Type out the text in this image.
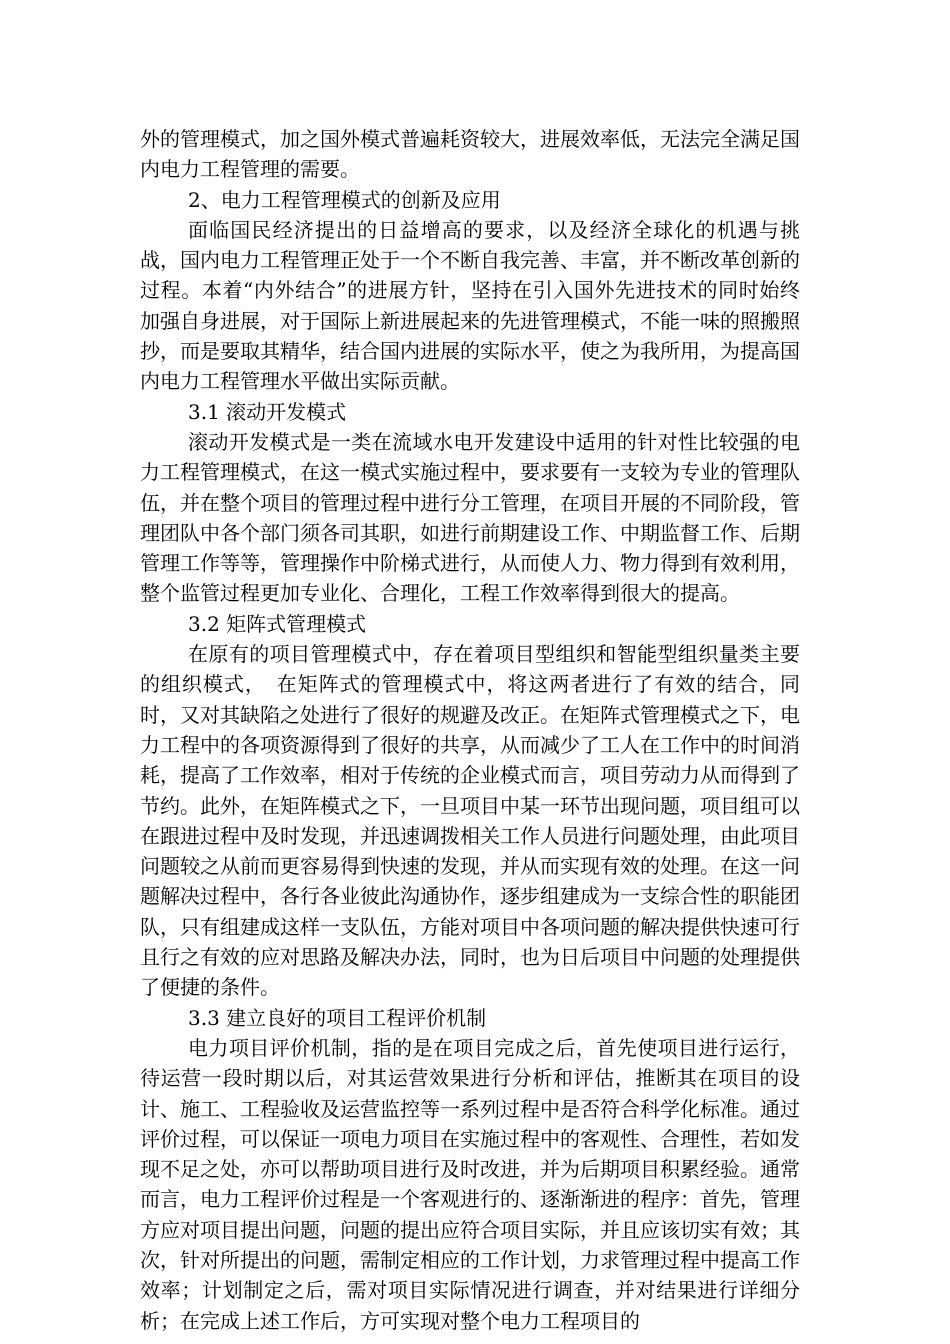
外的管理模式，加之国外模式普遍耗资较大，进展效率低，无法完全满足国内电力工程管理的需要。

2、电力工程管理模式的创新及应用

面临国民经济提出的日益增高的要求，以及经济全球化的机遇与挑战，国内电力工程管理正处于一个不断自我完善、丰富，并不断改革创新的过程。本着“内外结合”的进展方针，坚持在引入国外先进技术的同时始终加强自身进展，对于国际上新进展起来的先进管理模式，不能一味的照搬照抄，而是要取其精华，结合国内进展的实际水平，使之为我所用，为提高国内电力工程管理水平做出实际贡献。

3.1 滚动开发模式

滚动开发模式是一类在流域水电开发建设中适用的针对性比较强的电力工程管理模式，在这一模式实施过程中，要求要有一支较为专业的管理队伍，并在整个项目的管理过程中进行分工管理，在项目开展的不同阶段，管理团队中各个部门须各司其职，如进行前期建设工作、中期监督工作、后期管理工作等等，管理操作中阶梯式进行，从而使人力、物力得到有效利用，整个监管过程更加专业化、合理化，工程工作效率得到很大的提高。

3.2 矩阵式管理模式

在原有的项目管理模式中，存在着项目型组织和智能型组织量类主要的组织模式，　在矩阵式的管理模式中，将这两者进行了有效的结合，同时，又对其缺陷之处进行了很好的规避及改正。在矩阵式管理模式之下，电力工程中的各项资源得到了很好的共享，从而减少了工人在工作中的时间消耗，提高了工作效率，相对于传统的企业模式而言，项目劳动力从而得到了节约。此外，在矩阵模式之下，一旦项目中某一环节出现问题，项目组可以在跟进过程中及时发现，并迅速调拨相关工作人员进行问题处理，由此项目问题较之从前而更容易得到快速的发现，并从而实现有效的处理。在这一问题解决过程中，各行各业彼此沟通协作，逐步组建成为一支综合性的职能团队，只有组建成这样一支队伍，方能对项目中各项问题的解决提供快速可行且行之有效的应对思路及解决办法，同时，也为日后项目中问题的处理提供了便捷的条件。

3.3 建立良好的项目工程评价机制

电力项目评价机制，指的是在项目完成之后，首先使项目进行运行，待运营一段时期以后，对其运营效果进行分析和评估，推断其在项目的设计、施工、工程验收及运营监控等一系列过程中是否符合科学化标准。通过评价过程，可以保证一项电力项目在实施过程中的客观性、合理性，若如发现不足之处，亦可以帮助项目进行及时改进，并为后期项目积累经验。通常而言，电力工程评价过程是一个客观进行的、逐渐渐进的程序：首先，管理方应对项目提出问题，问题的提出应符合项目实际，并且应该切实有效；其次，针对所提出的问题，需制定相应的工作计划，力求管理过程中提高工作效率；计划制定之后，需对项目实际情况进行调查，并对结果进行详细分析；在完成上述工作后，方可实现对整个电力工程项目的
